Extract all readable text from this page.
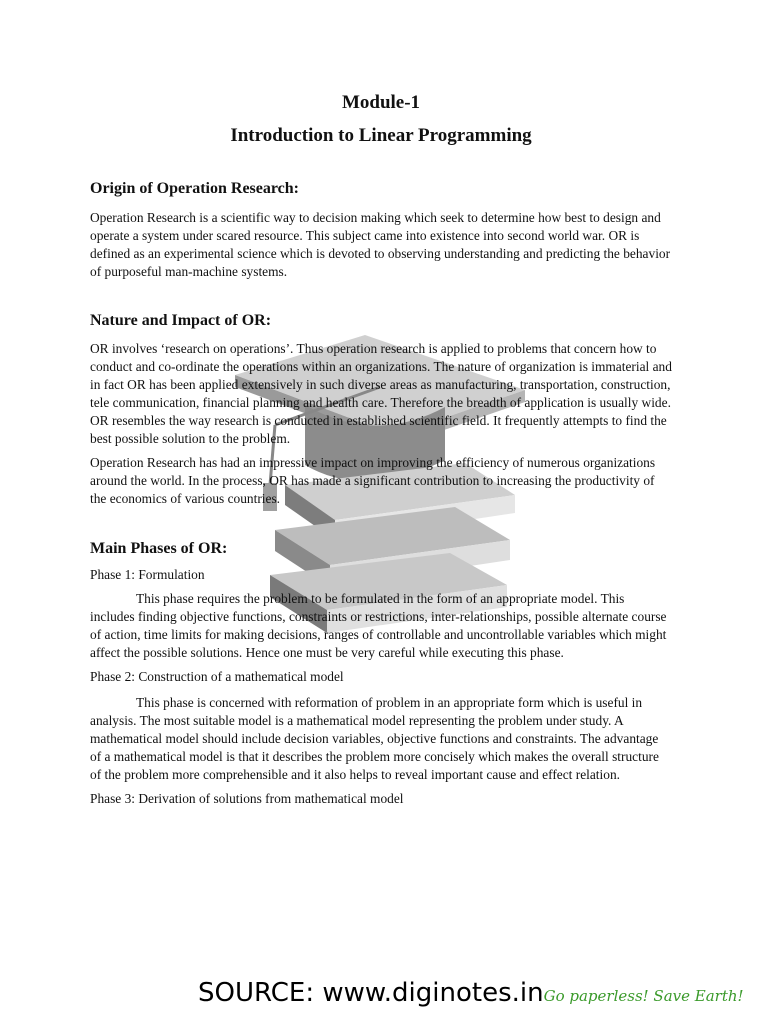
Module-1
Introduction to Linear Programming
Origin of Operation Research:

Operation Research is a scientific way to decision making which seek to determine how best to design and operate a system under scared resource. This subject came into existence into second world war. OR is defined as an experimental science which is devoted to observing understanding and predicting the behavior of purposeful man-machine systems.

Nature and Impact of OR:

OR involves ‘research on operations’. Thus operation research is applied to problems that concern how to conduct and co-ordinate the operations within an organizations. The nature of organization is immaterial and in fact OR has been applied extensively in such diverse areas as manufacturing, transportation, construction, tele communication, financial planning and health care. Therefore the breadth of application is usually wide. OR resembles the way research is conducted in established scientific field. It frequently attempts to find the best possible solution to the problem.

Operation Research has had an impressive impact on improving the efficiency of numerous organizations around the world. In the process, OR has made a significant contribution to increasing the productivity of the economics of various countries.

Main Phases of OR:

Phase 1: Formulation

This phase requires the problem to be formulated in the form of an appropriate model. This includes finding objective functions, constraints or restrictions, inter-relationships, possible alternate course of action, time limits for making decisions, ranges of controllable and uncontrollable variables which might affect the possible solutions. Hence one must be very careful while executing this phase.

Phase 2: Construction of a mathematical model

This phase is concerned with reformation of problem in an appropriate form which is useful in analysis. The most suitable model is a mathematical model representing the problem under study. A mathematical model should include decision variables, objective functions and constraints. The advantage of a mathematical model is that it describes the problem more concisely which makes the overall structure of the problem more comprehensible and it also helps to reveal important cause and effect relation.

Phase 3: Derivation of solutions from mathematical model

SOURCE: www.diginotes.inGo paperless! Save Earth!
